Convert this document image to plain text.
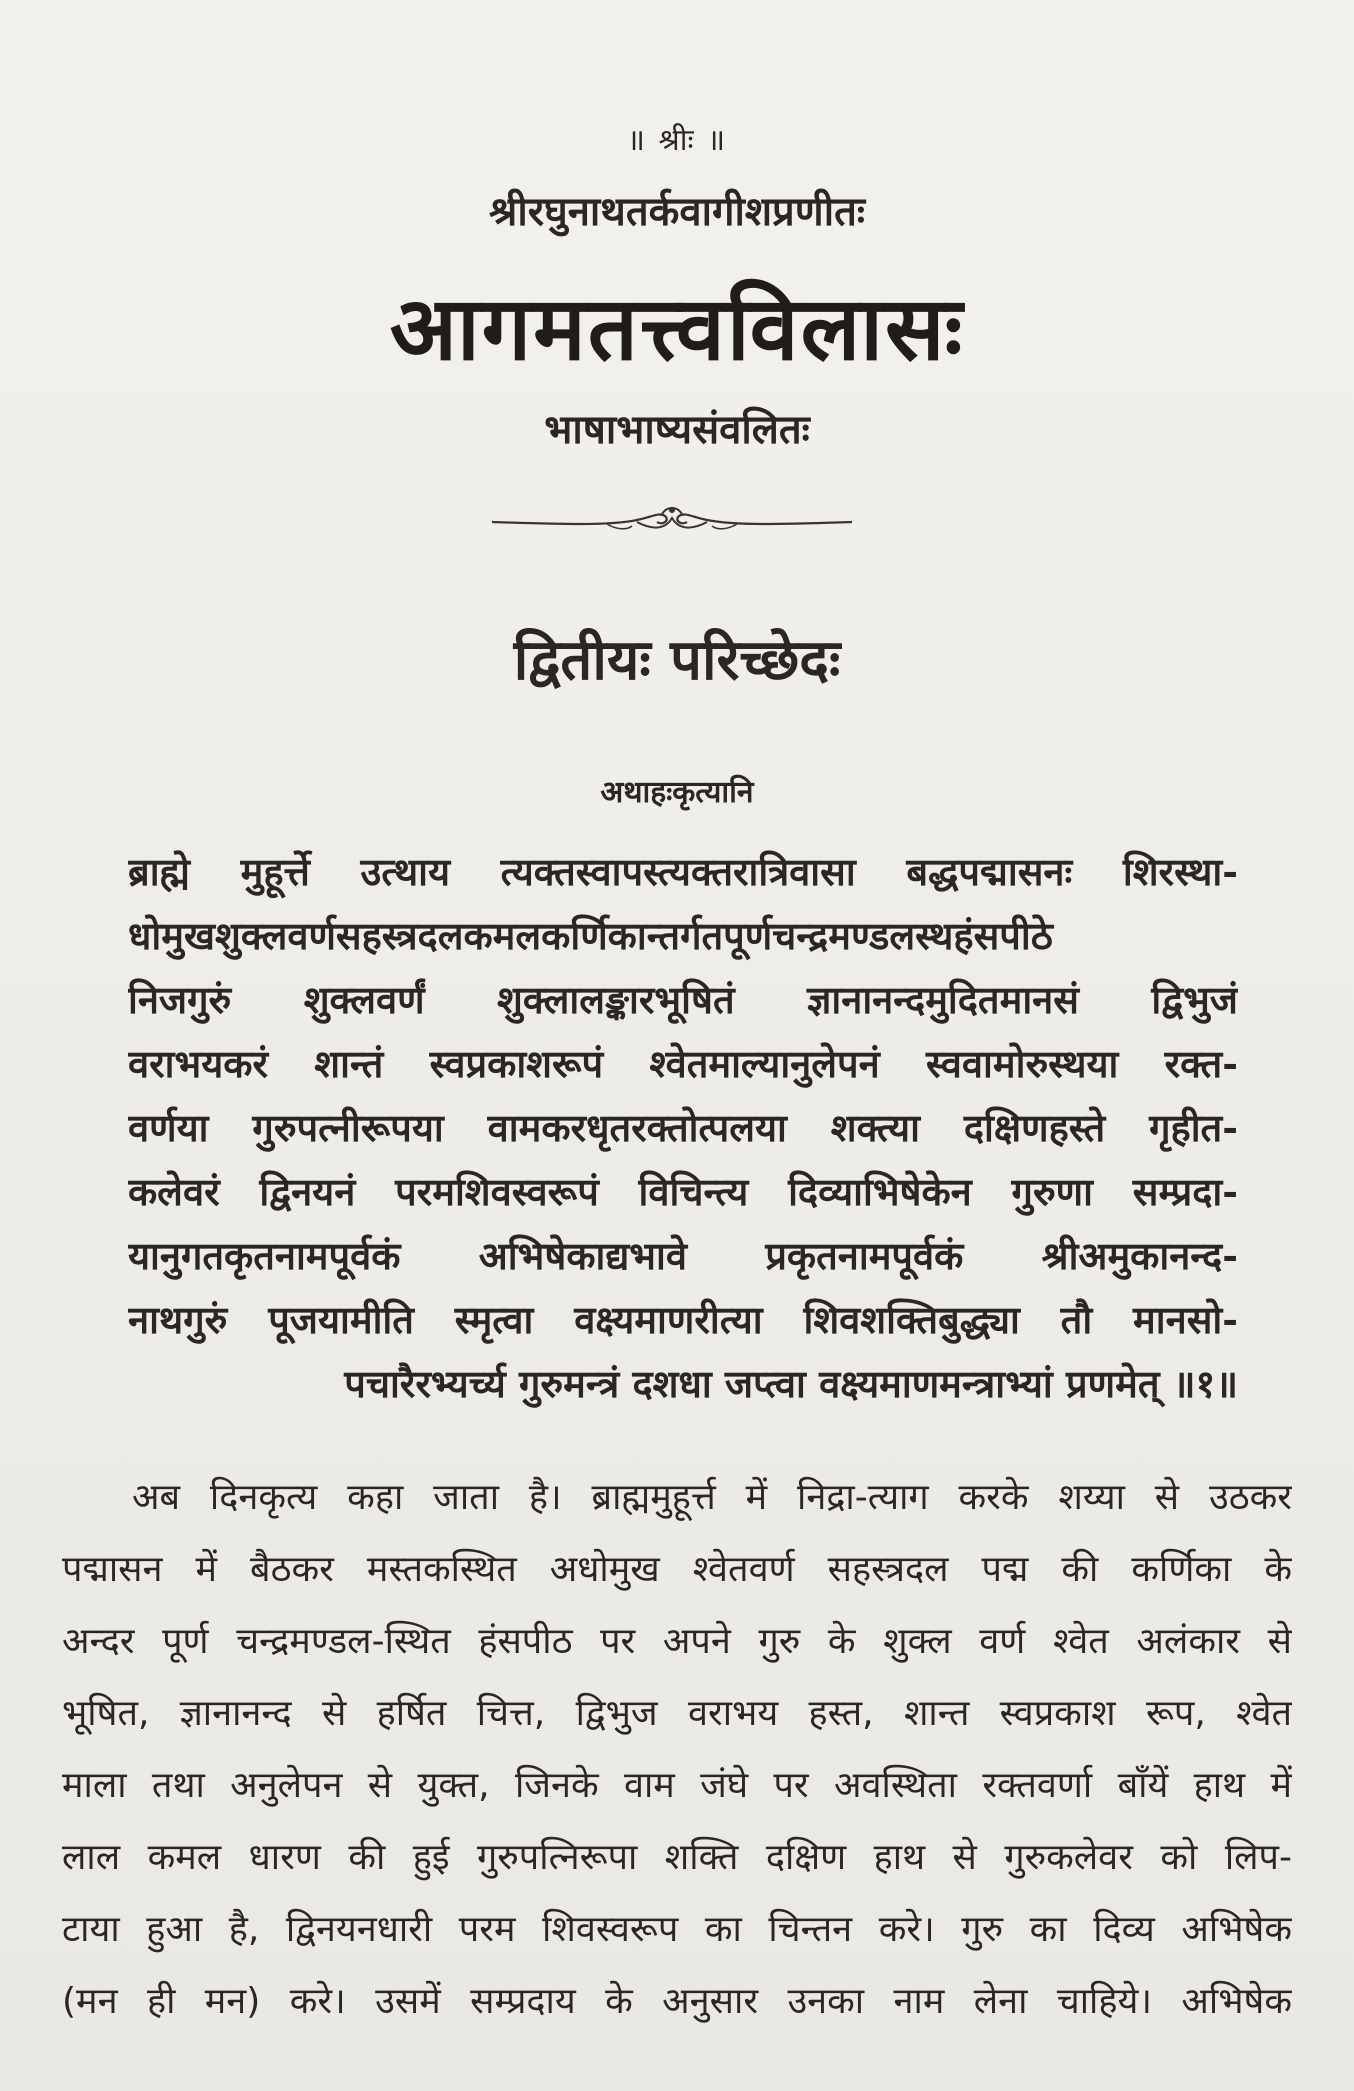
॥ श्रीः ॥
श्रीरघुनाथतर्कवागीशप्रणीतः
आगमतत्त्वविलासः
भाषाभाष्यसंवलितः
द्वितीयः परिच्छेदः
अथाहःकृत्यानि
ब्राह्मे मुहूर्त्ते उत्थाय त्यक्तस्वापस्त्यक्तरात्रिवासा बद्धपद्मासनः शिरस्था-
धोमुखशुक्लवर्णसहस्त्रदलकमलकर्णिकान्तर्गतपूर्णचन्द्रमण्डलस्थहंसपीठे
निजगुरुं शुक्लवर्णं शुक्लालङ्कारभूषितं ज्ञानानन्दमुदितमानसं द्विभुजं
वराभयकरं शान्तं स्वप्रकाशरूपं श्वेतमाल्यानुलेपनं स्ववामोरुस्थया रक्त-
वर्णया गुरुपत्नीरूपया वामकरधृतरक्तोत्पलया शक्त्या दक्षिणहस्ते गृहीत-
कलेवरं द्विनयनं परमशिवस्वरूपं विचिन्त्य दिव्याभिषेकेन गुरुणा सम्प्रदा-
यानुगतकृतनामपूर्वकं अभिषेकाद्यभावे प्रकृतनामपूर्वकं श्रीअमुकानन्द-
नाथगुरुं पूजयामीति स्मृत्वा वक्ष्यमाणरीत्या शिवशक्तिबुद्ध्या तौ मानसो-
पचारैरभ्यर्च्य गुरुमन्त्रं दशधा जप्त्वा वक्ष्यमाणमन्त्राभ्यां प्रणमेत् ॥१॥
अब दिनकृत्य कहा जाता है। ब्राह्ममुहूर्त्त में निद्रा-त्याग करके शय्या से उठकर
पद्मासन में बैठकर मस्तकस्थित अधोमुख श्वेतवर्ण सहस्त्रदल पद्म की कर्णिका के
अन्दर पूर्ण चन्द्रमण्डल-स्थित हंसपीठ पर अपने गुरु के शुक्ल वर्ण श्वेत अलंकार से
भूषित, ज्ञानानन्द से हर्षित चित्त, द्विभुज वराभय हस्त, शान्त स्वप्रकाश रूप, श्वेत
माला तथा अनुलेपन से युक्त, जिनके वाम जंघे पर अवस्थिता रक्तवर्णा बाँयें हाथ में
लाल कमल धारण की हुई गुरुपत्निरूपा शक्ति दक्षिण हाथ से गुरुकलेवर को लिप-
टाया हुआ है, द्विनयनधारी परम शिवस्वरूप का चिन्तन करे। गुरु का दिव्य अभिषेक
(मन ही मन) करे। उसमें सम्प्रदाय के अनुसार उनका नाम लेना चाहिये। अभिषेक
